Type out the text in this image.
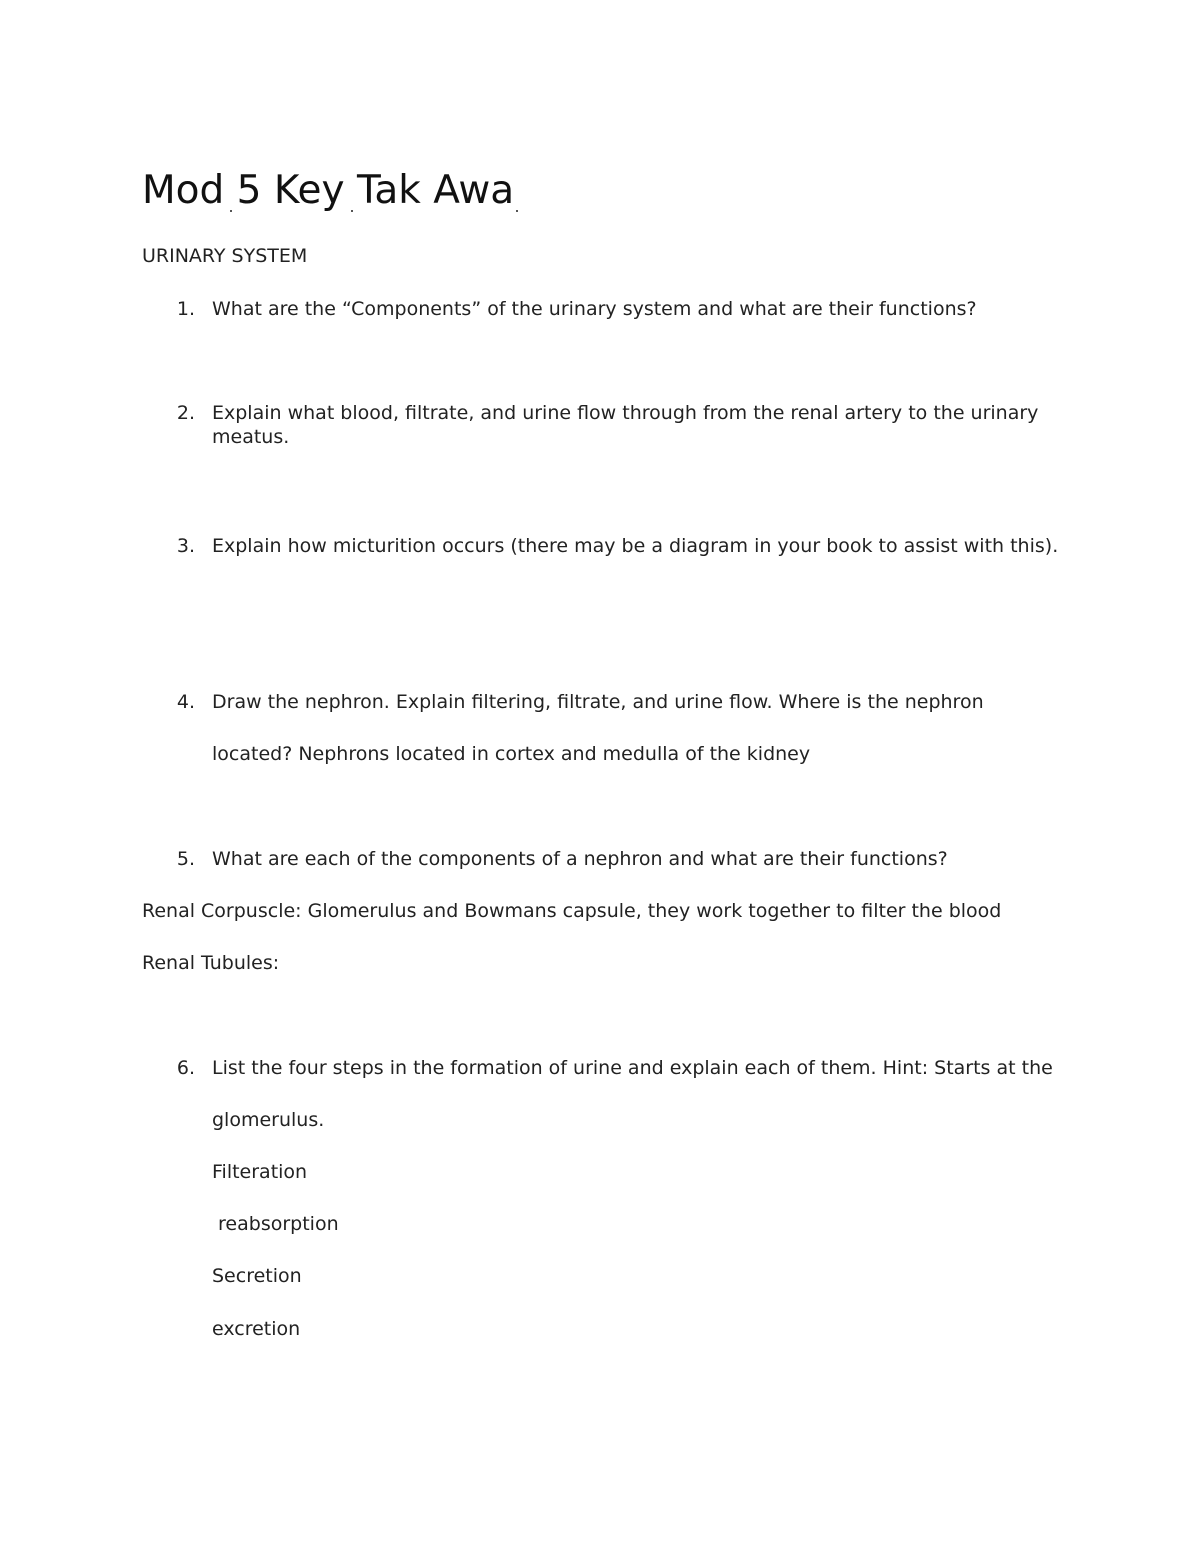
Mod 5 Key Tak Awa
URINARY SYSTEM
1. What are the “Components” of the urinary system and what are their functions?
2. Explain what blood, filtrate, and urine flow through from the renal artery to the urinary
meatus.
3. Explain how micturition occurs (there may be a diagram in your book to assist with this).
4. Draw the nephron. Explain filtering, filtrate, and urine flow. Where is the nephron
located? Nephrons located in cortex and medulla of the kidney
5. What are each of the components of a nephron and what are their functions?
Renal Corpuscle: Glomerulus and Bowmans capsule, they work together to filter the blood
Renal Tubules:
6. List the four steps in the formation of urine and explain each of them. Hint: Starts at the
glomerulus.
Filteration
reabsorption
Secretion
excretion
